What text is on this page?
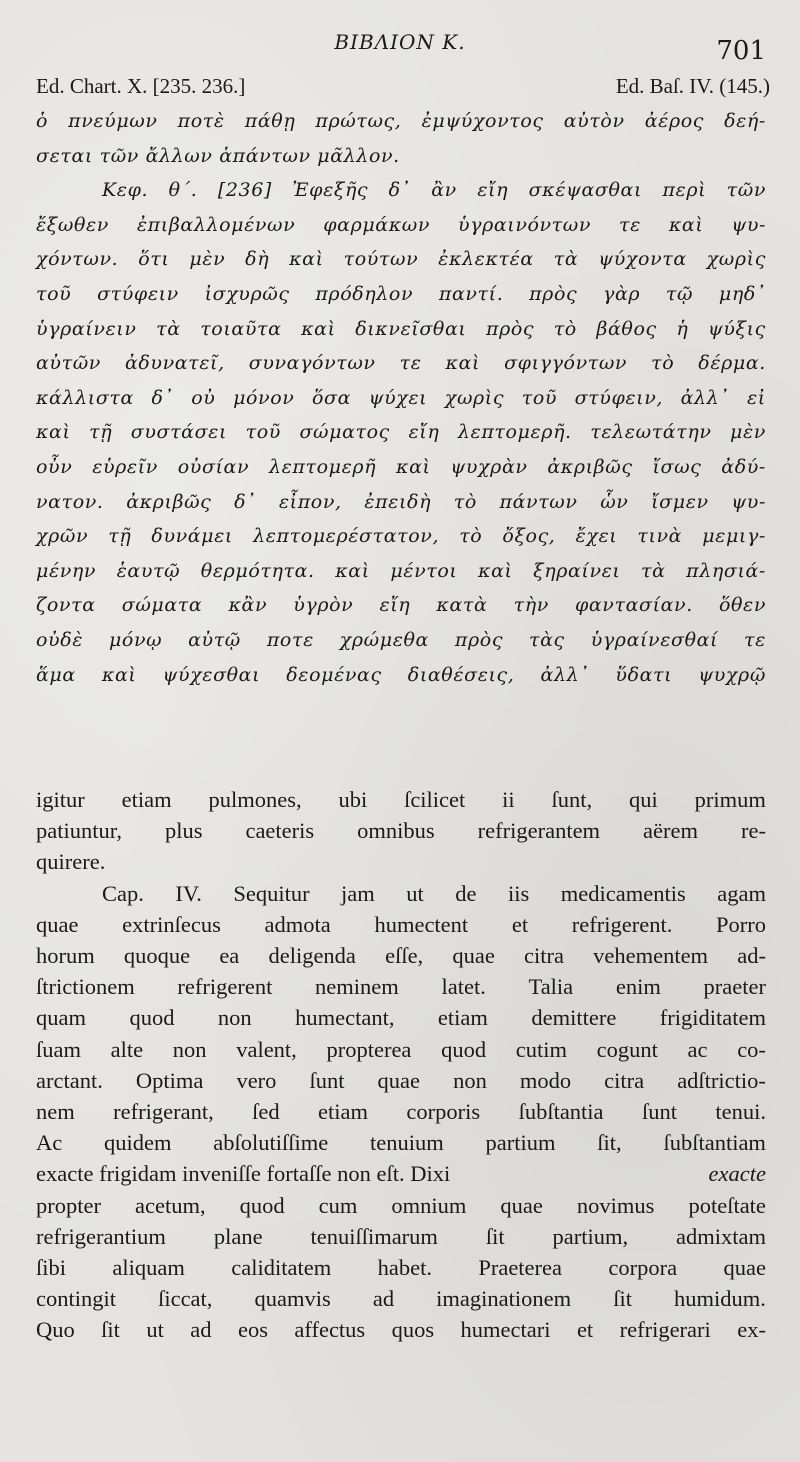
ΒΙΒΛΙΟΝ Κ.	701
Ed. Chart. X. [235. 236.]	Ed. Baſ. IV. (145.)
ὁ πνεύμων ποτὲ πάθῃ πρώτως, ἐμψύχοντος αὐτὸν ἀέρος δεή-
σεται τῶν ἄλλων ἁπάντων μᾶλλον.
Κεφ. θ΄. [236] Ἐφεξῆς δ᾽ ἂν εἴη σκέψασθαι περὶ τῶν
ἔξωθεν ἐπιβαλλομένων φαρμάκων ὑγραινόντων τε καὶ ψυ-
χόντων. ὅτι μὲν δὴ καὶ τούτων ἐκλεκτέα τὰ ψύχοντα χωρὶς
τοῦ στύφειν ἰσχυρῶς πρόδηλον παντί. πρὸς γὰρ τῷ μηδ᾽
ὑγραίνειν τὰ τοιαῦτα καὶ δικνεῖσθαι πρὸς τὸ βάθος ἡ ψύξις
αὐτῶν ἀδυνατεῖ, συναγόντων τε καὶ σφιγγόντων τὸ δέρμα.
κάλλιστα δ᾽ οὐ μόνον ὅσα ψύχει χωρὶς τοῦ στύφειν, ἀλλ᾽ εἰ
καὶ τῇ συστάσει τοῦ σώματος εἴη λεπτομερῆ. τελεωτάτην μὲν
οὖν εὑρεῖν οὐσίαν λεπτομερῆ καὶ ψυχρὰν ἀκριβῶς ἴσως ἀδύ-
νατον. ἀκριβῶς δ᾽ εἶπον, ἐπειδὴ τὸ πάντων ὧν ἴσμεν ψυ-
χρῶν τῇ δυνάμει λεπτομερέστατον, τὸ ὄξος, ἔχει τινὰ μεμιγ-
μένην ἑαυτῷ θερμότητα. καὶ μέντοι καὶ ξηραίνει τὰ πλησιά-
ζοντα σώματα κἂν ὑγρὸν εἴη κατὰ τὴν φαντασίαν. ὅθεν
οὐδὲ μόνῳ αὐτῷ ποτε χρώμεθα πρὸς τὰς ὑγραίνεσθαί τε
ἅμα καὶ ψύχεσθαι δεομένας διαθέσεις, ἀλλ᾽ ὕδατι ψυχρῷ
igitur etiam pulmones, ubi ſcilicet ii ſunt, qui primum
patiuntur, plus caeteris omnibus refrigerantem aërem re-
quirere.
Cap. IV. Sequitur jam ut de iis medicamentis agam
quae extrinſecus admota humectent et refrigerent. Porro
horum quoque ea deligenda eſſe, quae citra vehementem ad-
ſtrictionem refrigerent neminem latet. Talia enim praeter
quam quod non humectant, etiam demittere frigiditatem
ſuam alte non valent, propterea quod cutim cogunt ac co-
arctant. Optima vero ſunt quae non modo citra adſtrictio-
nem refrigerant, ſed etiam corporis ſubſtantia ſunt tenui.
Ac quidem abſolutiſſime tenuium partium ſit, ſubſtantiam
exacte frigidam inveniſſe fortaſſe non eſt. Dixi	exacte
propter acetum, quod cum omnium quae novimus poteſtate
refrigerantium plane tenuiſſimarum ſit partium, admixtam
ſibi aliquam caliditatem habet. Praeterea corpora quae
contingit ſiccat, quamvis ad imaginationem ſit humidum.
Quo ſit ut ad eos affectus quos humectari et refrigerari ex-
